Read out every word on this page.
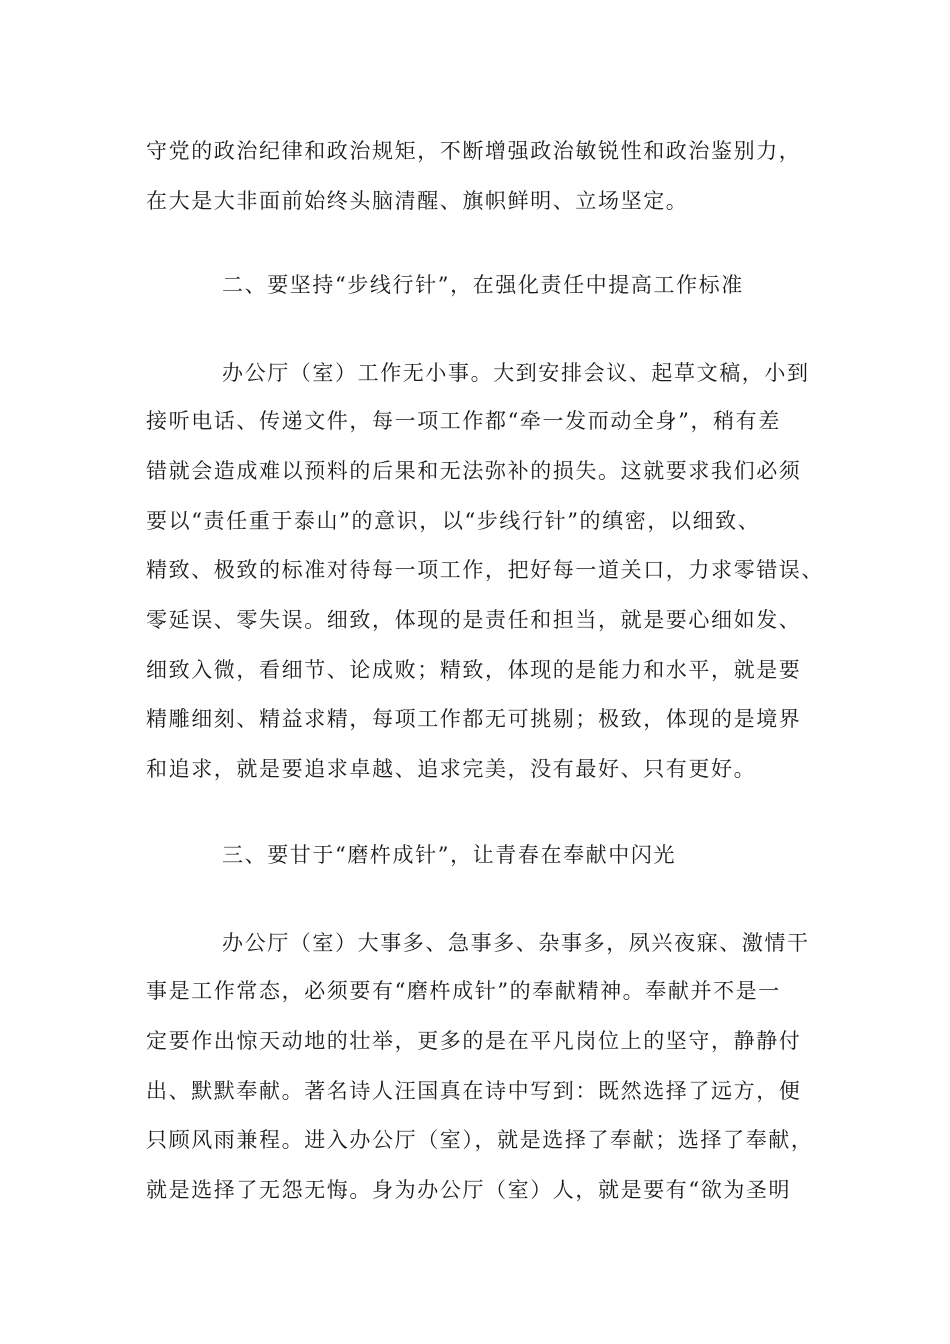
守党的政治纪律和政治规矩，不断增强政治敏锐性和政治鉴别力，
在大是大非面前始终头脑清醒、旗帜鲜明、立场坚定。
二、要坚持“步线行针”，在强化责任中提高工作标准
办公厅（室）工作无小事。大到安排会议、起草文稿，小到
接听电话、传递文件，每一项工作都“牵一发而动全身”，稍有差
错就会造成难以预料的后果和无法弥补的损失。这就要求我们必须
要以“责任重于泰山”的意识，以“步线行针”的缜密，以细致、
精致、极致的标准对待每一项工作，把好每一道关口，力求零错误、
零延误、零失误。细致，体现的是责任和担当，就是要心细如发、
细致入微，看细节、论成败；精致，体现的是能力和水平，就是要
精雕细刻、精益求精，每项工作都无可挑剔；极致，体现的是境界
和追求，就是要追求卓越、追求完美，没有最好、只有更好。
三、要甘于“磨杵成针”，让青春在奉献中闪光
办公厅（室）大事多、急事多、杂事多，夙兴夜寐、激情干
事是工作常态，必须要有“磨杵成针”的奉献精神。奉献并不是一
定要作出惊天动地的壮举，更多的是在平凡岗位上的坚守，静静付
出、默默奉献。著名诗人汪国真在诗中写到：既然选择了远方，便
只顾风雨兼程。进入办公厅（室），就是选择了奉献；选择了奉献，
就是选择了无怨无悔。身为办公厅（室）人，就是要有“欲为圣明
